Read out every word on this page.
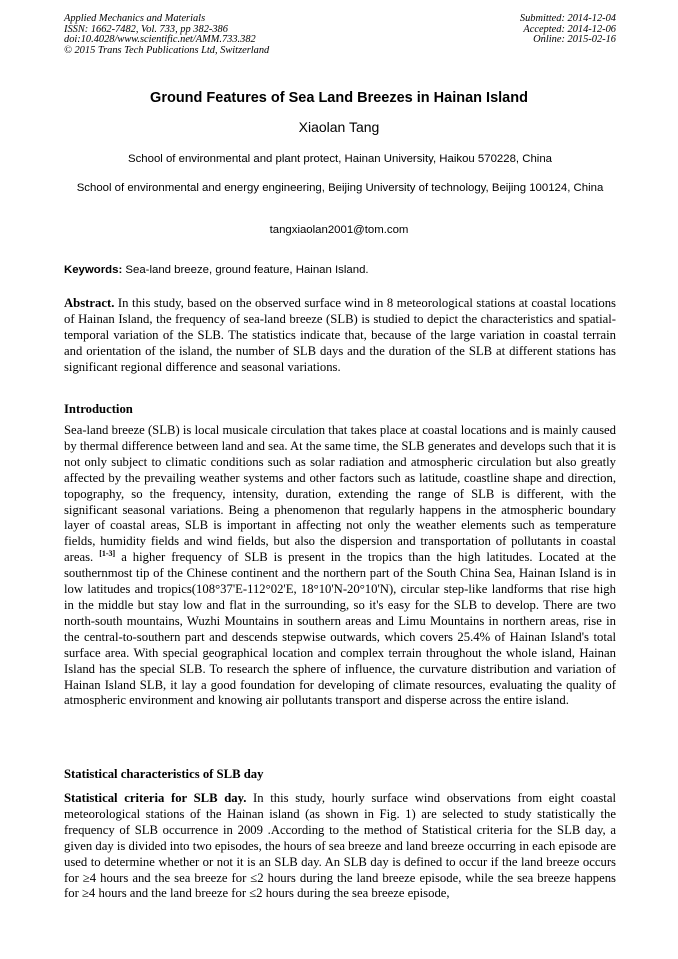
Applied Mechanics and Materials
ISSN: 1662-7482, Vol. 733, pp 382-386
doi:10.4028/www.scientific.net/AMM.733.382
© 2015 Trans Tech Publications Ltd, Switzerland
Submitted: 2014-12-04
Accepted: 2014-12-06
Online: 2015-02-16
Ground Features of Sea Land Breezes in Hainan Island
Xiaolan Tang
School of environmental and plant protect, Hainan University, Haikou 570228, China
School of environmental and energy engineering, Beijing University of technology, Beijing 100124, China
tangxiaolan2001@tom.com
Keywords: Sea-land breeze, ground feature, Hainan Island.
Abstract. In this study, based on the observed surface wind in 8 meteorological stations at coastal locations of Hainan Island, the frequency of sea-land breeze (SLB) is studied to depict the characteristics and spatial-temporal variation of the SLB. The statistics indicate that, because of the large variation in coastal terrain and orientation of the island, the number of SLB days and the duration of the SLB at different stations has significant regional difference and seasonal variations.
Introduction
Sea-land breeze (SLB) is local musicale circulation that takes place at coastal locations and is mainly caused by thermal difference between land and sea. At the same time, the SLB generates and develops such that it is not only subject to climatic conditions such as solar radiation and atmospheric circulation but also greatly affected by the prevailing weather systems and other factors such as latitude, coastline shape and direction, topography, so the frequency, intensity, duration, extending the range of SLB is different, with the significant seasonal variations. Being a phenomenon that regularly happens in the atmospheric boundary layer of coastal areas, SLB is important in affecting not only the weather elements such as temperature fields, humidity fields and wind fields, but also the dispersion and transportation of pollutants in coastal areas. [1-3] a higher frequency of SLB is present in the tropics than the high latitudes. Located at the southernmost tip of the Chinese continent and the northern part of the South China Sea, Hainan Island is in low latitudes and tropics(108°37'E-112°02'E, 18°10'N-20°10'N), circular step-like landforms that rise high in the middle but stay low and flat in the surrounding, so it's easy for the SLB to develop. There are two north-south mountains, Wuzhi Mountains in southern areas and Limu Mountains in northern areas, rise in the central-to-southern part and descends stepwise outwards, which covers 25.4% of Hainan Island's total surface area. With special geographical location and complex terrain throughout the whole island, Hainan Island has the special SLB. To research the sphere of influence, the curvature distribution and variation of Hainan Island SLB, it lay a good foundation for developing of climate resources, evaluating the quality of atmospheric environment and knowing air pollutants transport and disperse across the entire island.
Statistical characteristics of SLB day
Statistical criteria for SLB day. In this study, hourly surface wind observations from eight coastal meteorological stations of the Hainan island (as shown in Fig. 1) are selected to study statistically the frequency of SLB occurrence in 2009 .According to the method of Statistical criteria for the SLB day, a given day is divided into two episodes, the hours of sea breeze and land breeze occurring in each episode are used to determine whether or not it is an SLB day. An SLB day is defined to occur if the land breeze occurs for ≥4 hours and the sea breeze for ≤2 hours during the land breeze episode, while the sea breeze happens for ≥4 hours and the land breeze for ≤2 hours during the sea breeze episode,
